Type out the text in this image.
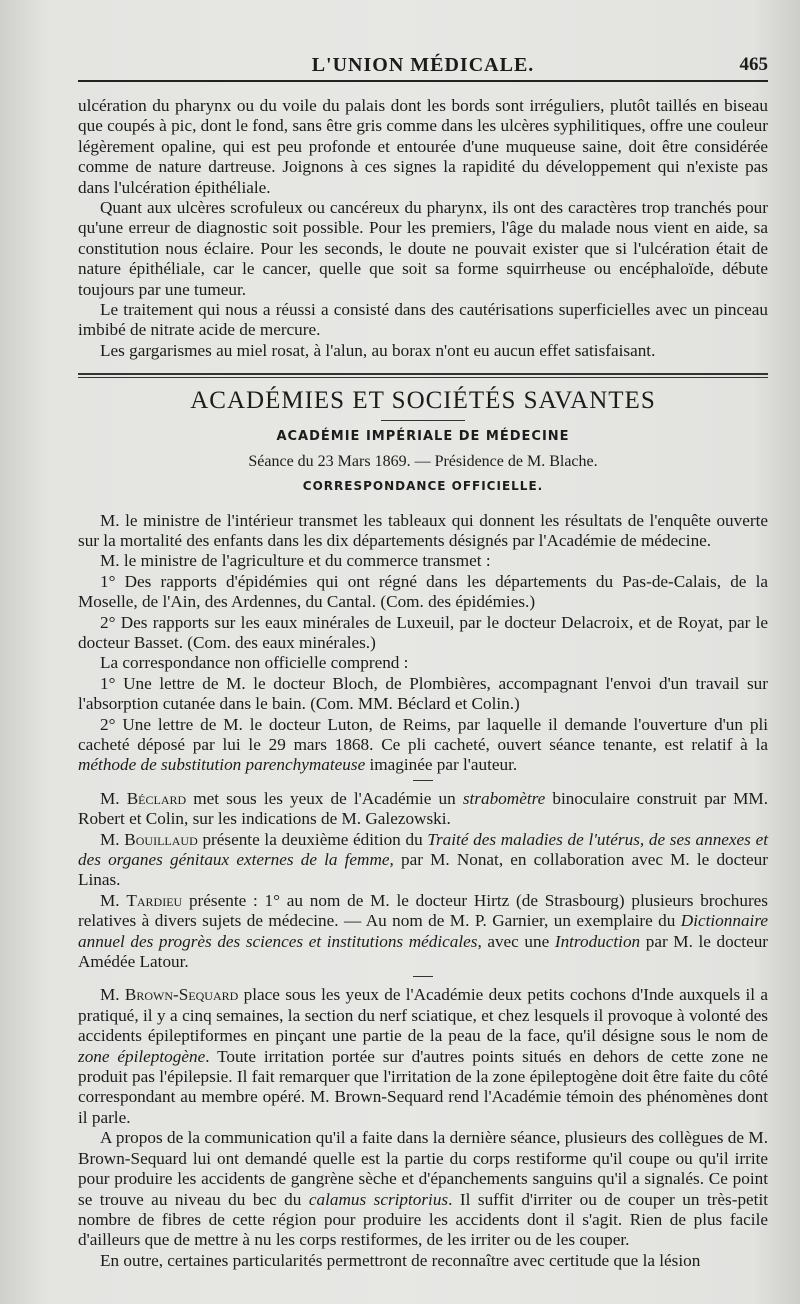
L'UNION MÉDICALE.	465

ulcération du pharynx ou du voile du palais dont les bords sont irréguliers, plutôt taillés en biseau que coupés à pic, dont le fond, sans être gris comme dans les ulcères syphilitiques, offre une couleur légèrement opaline, qui est peu profonde et entourée d'une muqueuse saine, doit être considérée comme de nature dartreuse. Joignons à ces signes la rapidité du développement qui n'existe pas dans l'ulcération épithéliale.

Quant aux ulcères scrofuleux ou cancéreux du pharynx, ils ont des caractères trop tranchés pour qu'une erreur de diagnostic soit possible. Pour les premiers, l'âge du malade nous vient en aide, sa constitution nous éclaire. Pour les seconds, le doute ne pouvait exister que si l'ulcération était de nature épithéliale, car le cancer, quelle que soit sa forme squirrheuse ou encéphaloïde, débute toujours par une tumeur.

Le traitement qui nous a réussi a consisté dans des cautérisations superficielles avec un pinceau imbibé de nitrate acide de mercure.

Les gargarismes au miel rosat, à l'alun, au borax n'ont eu aucun effet satisfaisant.

ACADÉMIES ET SOCIÉTÉS SAVANTES
ACADÉMIE IMPÉRIALE DE MÉDECINE
Séance du 23 Mars 1869. — Présidence de M. Blache.
CORRESPONDANCE OFFICIELLE.

M. le ministre de l'intérieur transmet les tableaux qui donnent les résultats de l'enquête ouverte sur la mortalité des enfants dans les dix départements désignés par l'Académie de médecine.

M. le ministre de l'agriculture et du commerce transmet :

1° Des rapports d'épidémies qui ont régné dans les départements du Pas-de-Calais, de la Moselle, de l'Ain, des Ardennes, du Cantal. (Com. des épidémies.)

2° Des rapports sur les eaux minérales de Luxeuil, par le docteur Delacroix, et de Royat, par le docteur Basset. (Com. des eaux minérales.)

La correspondance non officielle comprend :

1° Une lettre de M. le docteur Bloch, de Plombières, accompagnant l'envoi d'un travail sur l'absorption cutanée dans le bain. (Com. MM. Béclard et Colin.)

2° Une lettre de M. le docteur Luton, de Reims, par laquelle il demande l'ouverture d'un pli cacheté déposé par lui le 29 mars 1868. Ce pli cacheté, ouvert séance tenante, est relatif à la méthode de substitution parenchymateuse imaginée par l'auteur.

M. Béclard met sous les yeux de l'Académie un strabomètre binoculaire construit par MM. Robert et Colin, sur les indications de M. Galezowski.

M. Bouillaud présente la deuxième édition du Traité des maladies de l'utérus, de ses annexes et des organes génitaux externes de la femme, par M. Nonat, en collaboration avec M. le docteur Linas.

M. Tardieu présente : 1° au nom de M. le docteur Hirtz (de Strasbourg) plusieurs brochures relatives à divers sujets de médecine. — Au nom de M. P. Garnier, un exemplaire du Dictionnaire annuel des progrès des sciences et institutions médicales, avec une Introduction par M. le docteur Amédée Latour.

M. Brown-Sequard place sous les yeux de l'Académie deux petits cochons d'Inde auxquels il a pratiqué, il y a cinq semaines, la section du nerf sciatique, et chez lesquels il provoque à volonté des accidents épileptiformes en pinçant une partie de la peau de la face, qu'il désigne sous le nom de zone épileptogène. Toute irritation portée sur d'autres points situés en dehors de cette zone ne produit pas l'épilepsie. Il fait remarquer que l'irritation de la zone épileptogène doit être faite du côté correspondant au membre opéré. M. Brown-Sequard rend l'Académie témoin des phénomènes dont il parle.

A propos de la communication qu'il a faite dans la dernière séance, plusieurs des collègues de M. Brown-Sequard lui ont demandé quelle est la partie du corps restiforme qu'il coupe ou qu'il irrite pour produire les accidents de gangrène sèche et d'épanchements sanguins qu'il a signalés. Ce point se trouve au niveau du bec du calamus scriptorius. Il suffit d'irriter ou de couper un très-petit nombre de fibres de cette région pour produire les accidents dont il s'agit. Rien de plus facile d'ailleurs que de mettre à nu les corps restiformes, de les irriter ou de les couper.

En outre, certaines particularités permettront de reconnaître avec certitude que la lésion
